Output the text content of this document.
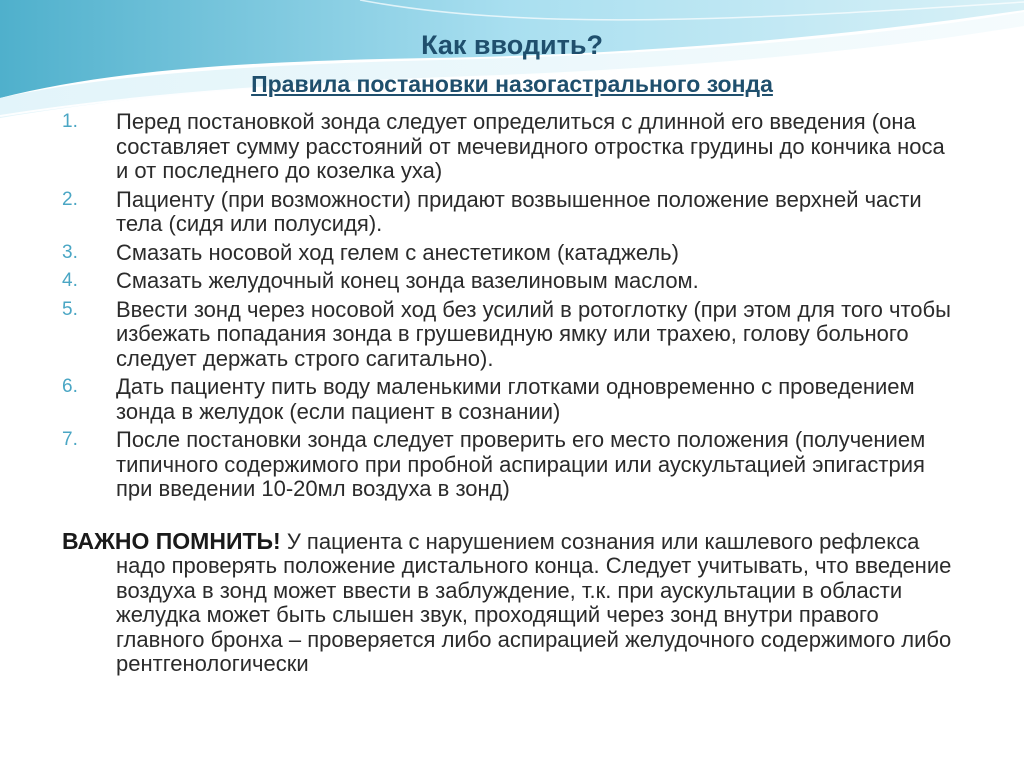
Как вводить?
Правила постановки назогастрального зонда
1. Перед постановкой зонда следует определиться с длинной его введения (она составляет сумму расстояний от мечевидного отростка грудины до кончика носа и от последнего до козелка уха)
2. Пациенту (при возможности) придают возвышенное положение верхней части тела (сидя или полусидя).
3. Смазать носовой ход гелем с анестетиком (катаджель)
4. Смазать желудочный конец зонда вазелиновым маслом.
5. Ввести зонд через носовой ход без усилий в ротоглотку (при этом для того чтобы избежать попадания зонда в грушевидную ямку или трахею, голову больного следует держать строго сагитально).
6. Дать пациенту пить воду маленькими глотками одновременно с проведением зонда в желудок (если пациент в сознании)
7. После постановки зонда следует проверить его место положения (получением типичного содержимого при пробной аспирации или аускультацией эпигастрия при введении 10-20мл воздуха в зонд)
ВАЖНО ПОМНИТЬ! У пациента с нарушением сознания или кашлевого рефлекса надо проверять положение дистального конца. Следует учитывать, что введение воздуха в зонд может ввести в заблуждение, т.к. при аускультации в области желудка может быть слышен звук, проходящий через зонд внутри правого главного бронха – проверяется либо аспирацией желудочного содержимого либо рентгенологически
